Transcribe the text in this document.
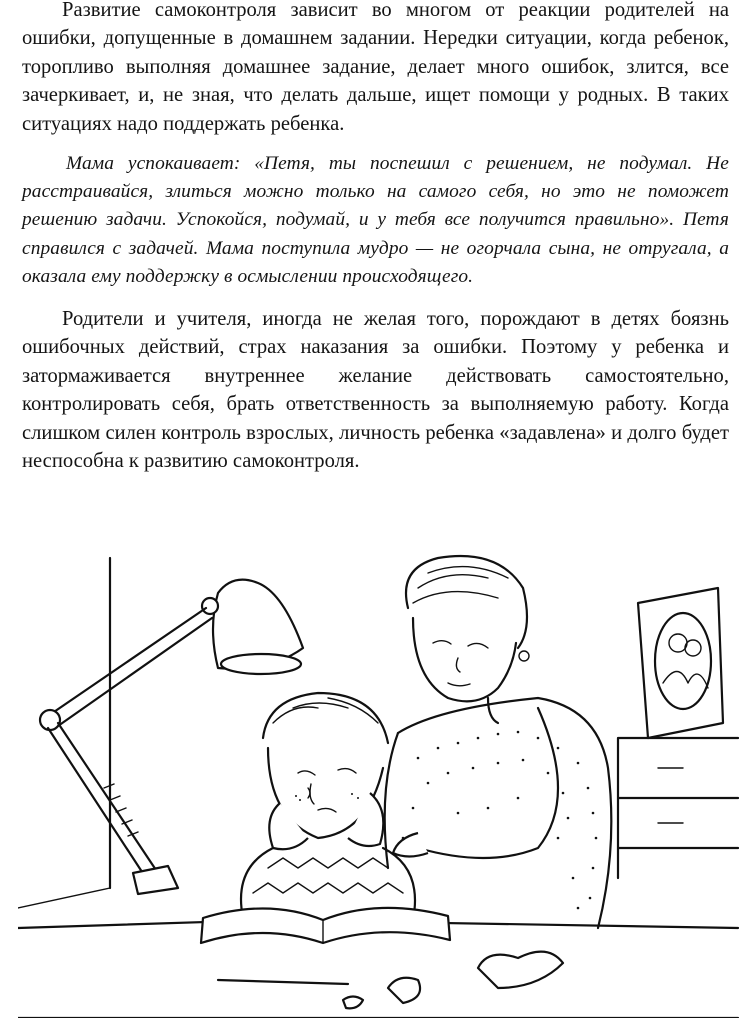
Развитие самоконтроля зависит во многом от реакции родителей на ошибки, допущенные в домашнем задании. Нередки ситуации, когда ребенок, торопливо выполняя домашнее задание, делает много ошибок, злится, все зачеркивает, и, не зная, что делать дальше, ищет помощи у родных. В таких ситуациях надо поддержать ребенка.

Мама успокаивает: «Петя, ты поспешил с решением, не подумал. Не расстраивайся, злиться можно только на самого себя, но это не поможет решению задачи. Успокойся, подумай, и у тебя все получится правильно». Петя справился с задачей. Мама поступила мудро — не огорчала сына, не отругала, а оказала ему поддержку в осмыслении происходящего.

Родители и учителя, иногда не желая того, порождают в детях боязнь ошибочных действий, страх наказания за ошибки. Поэтому у ребенка и затормаживается внутреннее желание действовать самостоятельно, контролировать себя, брать ответственность за выполняемую работу. Когда слишком силен контроль взрослых, личность ребенка «задавлена» и долго будет неспособна к развитию самоконтроля.
